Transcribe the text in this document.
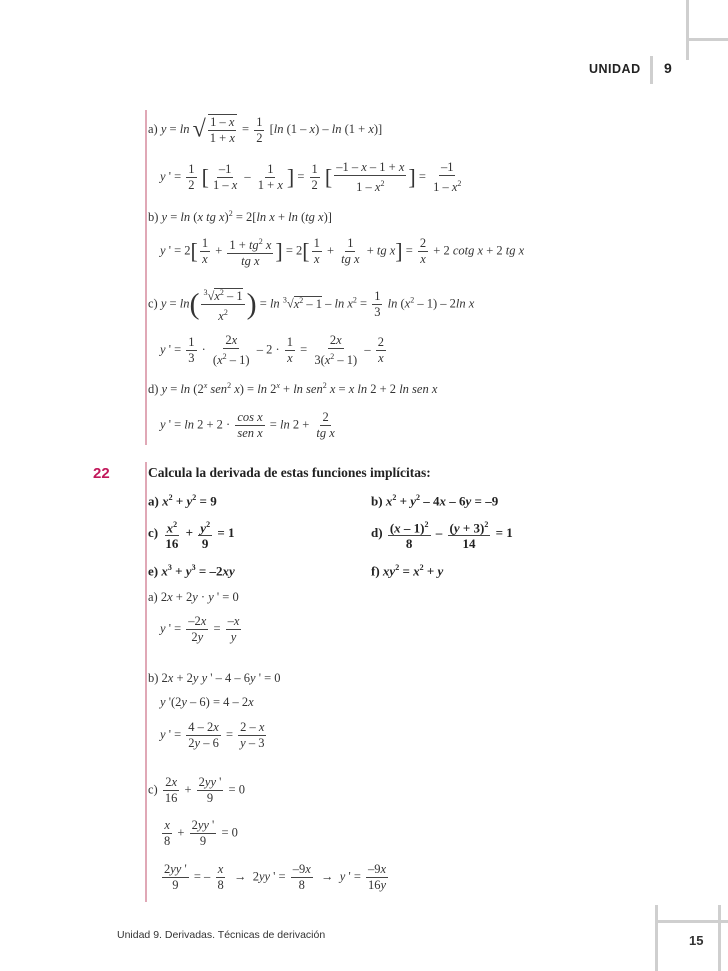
UNIDAD 9
a) y = ln √ $\frac{1 - x}{1 + x} = \frac{1}{2} [\ln$ (1 – x) – ln (1 + x)]
y ' = $\frac{1}{2}$ [ $\frac{-1}{1 - x} - \frac{1}{1 + x}$ ] = $\frac{1}{2}$ [ $\frac{-1 - x - 1 + x}{1 - x^2}$ ] = $\frac{-1}{1 - x^2}$
b) y = ln (x tg x)$^2$ = 2[ln x + ln (tg x)]
y ' = $2[ \frac{1}{x} + \frac{1 + tg^2 x}{\text{tg x}}$ ] = $2[ \frac{1}{x} + \frac{1}{\text{tg x}}$ + tg $x] = \frac{2}{x} + 2$ cotg x + 2 tg x
c) $y = \ln( \frac{^3√x^2 - 1}{x^2}$ ) = $\ln ^3√x^2 - 1 - \ln x^2 = \frac{1}{3}$ $\ln (x^2 - 1) - 2\ln$ x
y ' = $\frac{1}{3} \cdot \frac{2x}{(x^2 - 1)} - 2 \cdot \frac{1}{x} = \frac{2x}{3(x^2 - 1)} - \frac{2}{x}$
d) y = ln (2$^x$ sen$^2$ $x) = \ln 2^x + \ln sen^2$ x = x ln 2 + 2 ln sen x
y ' = $\ln 2 + 2 \cdot \frac{\text{cos x}}{\text{sen x}} = \ln 2 + \frac{2}{\text{tg x}}$
22	Calcula la derivada de estas funciones implícitas:
a) $x^2 + y^2 = 9$	b) $x^2 + y^2 - 4x - 6y = -9$
$c) \frac{x^2}{16} + \frac{y^2}{9} = 1$	$d) \frac{(x - 1)^2}{8} - \frac{(y + 3)^2}{14} = 1$
e) $x^3 + y^3 = -2xy$	f) $xy^2 = x^2 + y$
a) 2x + 2y · y ' = 0
y ' = $\frac{-2x}{2y} = \frac{-x}{y}$
b) 2x + 2y y ' – 4 – 6y ' = 0
y '(2y – 6) = 4 – 2x
y ' = $\frac{4 - 2x}{2y - 6} = \frac{2 - x}{y - 3}$
$c) \frac{2x}{16} + \frac{2yy '}{9} = 0$
$\frac{x}{8} + \frac{2yy '}{9} = 0$
$\frac{2yy '}{9}$ = – $\frac{x}{8} \to 2yy$ ' = $\frac{-9x}{8} \to y$ ' = $\frac{-9x}{16y}$
Unidad 9. Derivadas. Técnicas de derivación	15
